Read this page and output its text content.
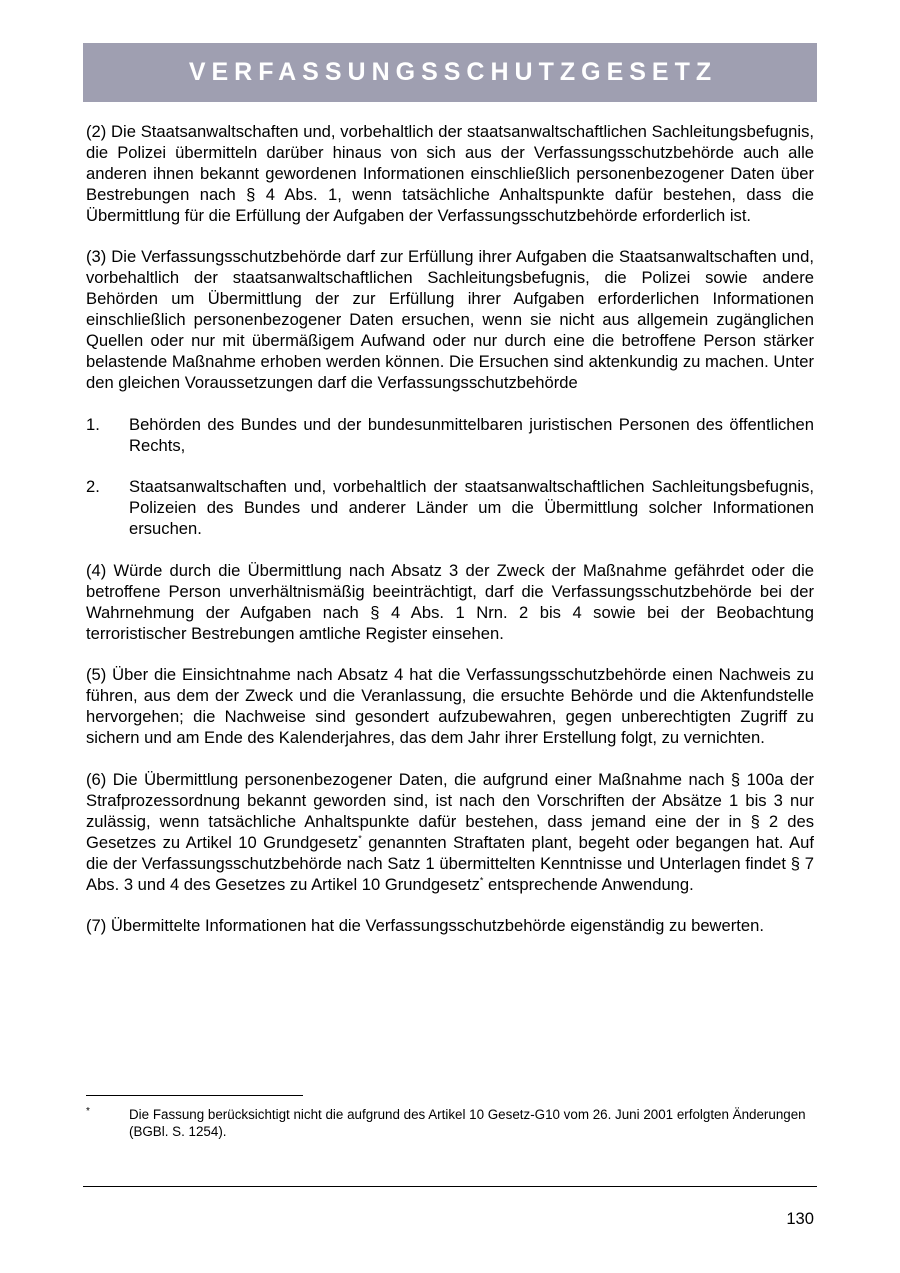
VERFASSUNGSSCHUTZGESETZ

(2) Die Staatsanwaltschaften und, vorbehaltlich der staatsanwaltschaftlichen Sachleitungsbefugnis, die Polizei übermitteln darüber hinaus von sich aus der Verfassungsschutzbehörde auch alle anderen ihnen bekannt gewordenen Informationen einschließlich personenbezogener Daten über Bestrebungen nach § 4 Abs. 1, wenn tatsächliche Anhaltspunkte dafür bestehen, dass die Übermittlung für die Erfüllung der Aufgaben der Verfassungsschutzbehörde erforderlich ist.

(3) Die Verfassungsschutzbehörde darf zur Erfüllung ihrer Aufgaben die Staatsanwaltschaften und, vorbehaltlich der staatsanwaltschaftlichen Sachleitungsbefugnis, die Polizei sowie andere Behörden um Übermittlung der zur Erfüllung ihrer Aufgaben erforderlichen Informationen einschließlich personenbezogener Daten ersuchen, wenn sie nicht aus allgemein zugänglichen Quellen oder nur mit übermäßigem Aufwand oder nur durch eine die betroffene Person stärker belastende Maßnahme erhoben werden können. Die Ersuchen sind aktenkundig zu machen. Unter den gleichen Voraussetzungen darf die Verfassungsschutzbehörde

1.	Behörden des Bundes und der bundesunmittelbaren juristischen Personen des öffentlichen Rechts,
2.	Staatsanwaltschaften und, vorbehaltlich der staatsanwaltschaftlichen Sachleitungsbefugnis, Polizeien des Bundes und anderer Länder um die Übermittlung solcher Informationen ersuchen.

(4) Würde durch die Übermittlung nach Absatz 3 der Zweck der Maßnahme gefährdet oder die betroffene Person unverhältnismäßig beeinträchtigt, darf die Verfassungsschutzbehörde bei der Wahrnehmung der Aufgaben nach § 4 Abs. 1 Nrn. 2 bis 4 sowie bei der Beobachtung terroristischer Bestrebungen amtliche Register einsehen.

(5) Über die Einsichtnahme nach Absatz 4 hat die Verfassungsschutzbehörde einen Nachweis zu führen, aus dem der Zweck und die Veranlassung, die ersuchte Behörde und die Aktenfundstelle hervorgehen; die Nachweise sind gesondert aufzubewahren, gegen unberechtigten Zugriff zu sichern und am Ende des Kalenderjahres, das dem Jahr ihrer Erstellung folgt, zu vernichten.

(6) Die Übermittlung personenbezogener Daten, die aufgrund einer Maßnahme nach § 100a der Strafprozessordnung bekannt geworden sind, ist nach den Vorschriften der Absätze 1 bis 3 nur zulässig, wenn tatsächliche Anhaltspunkte dafür bestehen, dass jemand eine der in § 2 des Gesetzes zu Artikel 10 Grundgesetz* genannten Straftaten plant, begeht oder begangen hat. Auf die der Verfassungsschutzbehörde nach Satz 1 übermittelten Kenntnisse und Unterlagen findet § 7 Abs. 3 und 4 des Gesetzes zu Artikel 10 Grundgesetz* entsprechende Anwendung.

(7) Übermittelte Informationen hat die Verfassungsschutzbehörde eigenständig zu bewerten.

*	Die Fassung berücksichtigt nicht die aufgrund des Artikel 10 Gesetz-G10 vom 26. Juni 2001 erfolgten Änderungen (BGBl. S. 1254).
130
